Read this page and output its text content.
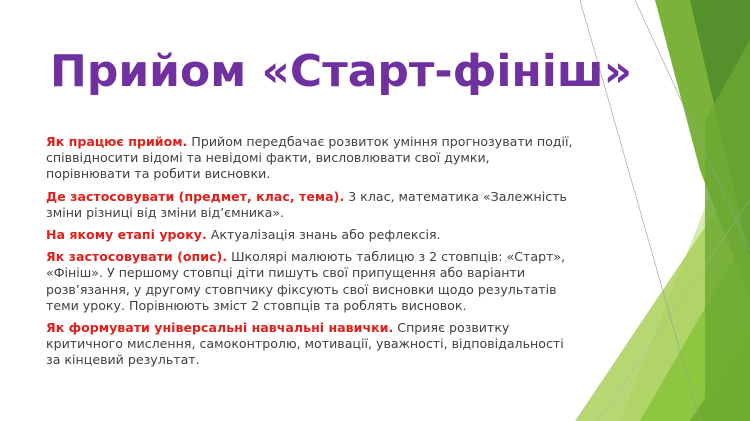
Прийом «Старт-фініш»

Як працює прийом. Прийом передбачає розвиток уміння прогнозувати події, співвідносити відомі та невідомі факти, висловлювати свої думки, порівнювати та робити висновки.

Де застосовувати (предмет, клас, тема). 3 клас, математика «Залежність зміни різниці від зміни від’ємника».

На якому етапі уроку. Актуалізація знань або рефлексія.

Як застосовувати (опис). Школярі малюють таблицю з 2 стовпців: «Старт», «Фініш». У першому стовпці діти пишуть свої припущення або варіанти розв’язання, у другому стовпчику фіксують свої висновки щодо результатів теми уроку. Порівнюють зміст 2 стовпців та роблять висновок.

Як формувати універсальні навчальні навички. Сприяє розвитку критичного мислення, самоконтролю, мотивації, уважності, відповідальності за кінцевий результат.
